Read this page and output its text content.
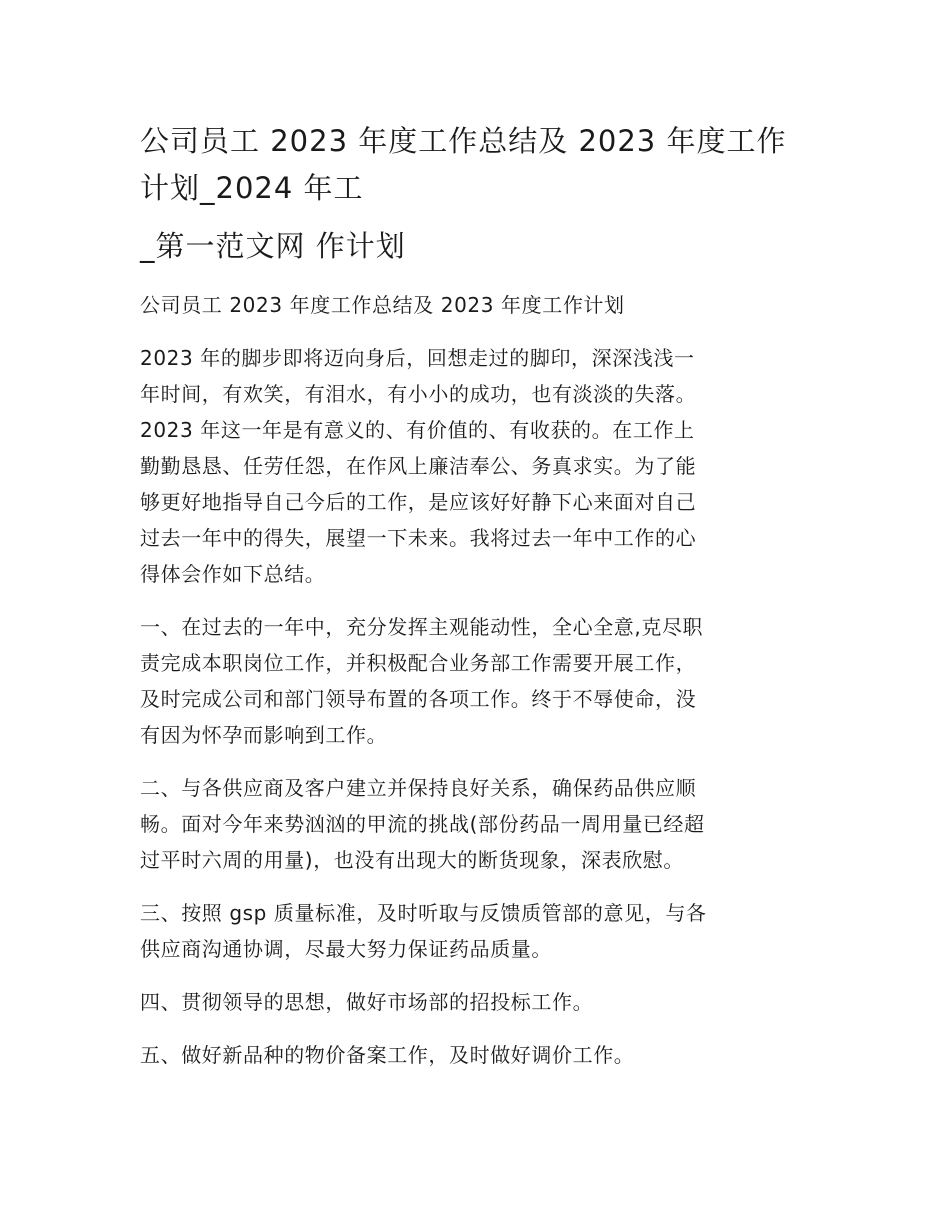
公司员工 2023 年度工作总结及 2023 年度工作
计划_2024 年工
_第一范文网 作计划

公司员工 2023 年度工作总结及 2023 年度工作计划

2023 年的脚步即将迈向身后，回想走过的脚印，深深浅浅一
年时间，有欢笑，有泪水，有小小的成功，也有淡淡的失落。
2023 年这一年是有意义的、有价值的、有收获的。在工作上
勤勤恳恳、任劳任怨，在作风上廉洁奉公、务真求实。为了能
够更好地指导自己今后的工作，是应该好好静下心来面对自己
过去一年中的得失，展望一下未来。我将过去一年中工作的心
得体会作如下总结。

一、在过去的一年中，充分发挥主观能动性，全心全意,克尽职
责完成本职岗位工作，并积极配合业务部工作需要开展工作，
及时完成公司和部门领导布置的各项工作。终于不辱使命，没
有因为怀孕而影响到工作。

二、与各供应商及客户建立并保持良好关系，确保药品供应顺
畅。面对今年来势汹汹的甲流的挑战(部份药品一周用量已经超
过平时六周的用量)，也没有出现大的断货现象，深表欣慰。

三、按照 gsp 质量标准，及时听取与反馈质管部的意见，与各
供应商沟通协调，尽最大努力保证药品质量。

四、贯彻领导的思想，做好市场部的招投标工作。

五、做好新品种的物价备案工作，及时做好调价工作。
